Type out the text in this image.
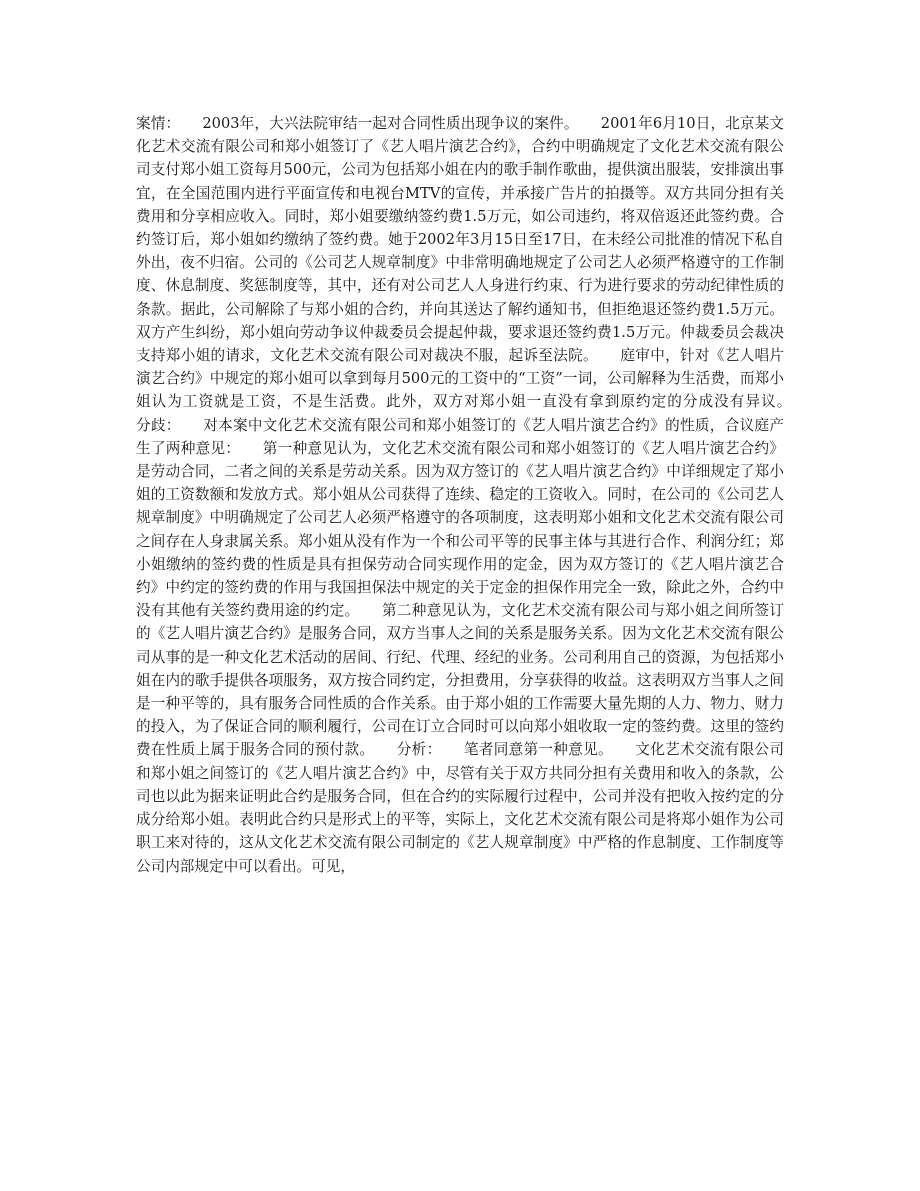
案情：　　2003年，大兴法院审结一起对合同性质出现争议的案件。　　2001年6月10日，北京某文化艺术交流有限公司和郑小姐签订了《艺人唱片演艺合约》，合约中明确规定了文化艺术交流有限公司支付郑小姐工资每月500元，公司为包括郑小姐在内的歌手制作歌曲，提供演出服装，安排演出事宜，在全国范围内进行平面宣传和电视台MTV的宣传，并承接广告片的拍摄等。双方共同分担有关费用和分享相应收入。同时，郑小姐要缴纳签约费1.5万元，如公司违约，将双倍返还此签约费。合约签订后，郑小姐如约缴纳了签约费。她于2002年3月15日至17日，在未经公司批准的情况下私自外出，夜不归宿。公司的《公司艺人规章制度》中非常明确地规定了公司艺人必须严格遵守的工作制度、休息制度、奖惩制度等，其中，还有对公司艺人人身进行约束、行为进行要求的劳动纪律性质的条款。据此，公司解除了与郑小姐的合约，并向其送达了解约通知书，但拒绝退还签约费1.5万元。双方产生纠纷，郑小姐向劳动争议仲裁委员会提起仲裁，要求退还签约费1.5万元。仲裁委员会裁决支持郑小姐的请求，文化艺术交流有限公司对裁决不服，起诉至法院。　　庭审中，针对《艺人唱片演艺合约》中规定的郑小姐可以拿到每月500元的工资中的“工资”一词，公司解释为生活费，而郑小姐认为工资就是工资，不是生活费。此外，双方对郑小姐一直没有拿到原约定的分成没有异议。　　分歧：　　对本案中文化艺术交流有限公司和郑小姐签订的《艺人唱片演艺合约》的性质，合议庭产生了两种意见：　　第一种意见认为，文化艺术交流有限公司和郑小姐签订的《艺人唱片演艺合约》是劳动合同，二者之间的关系是劳动关系。因为双方签订的《艺人唱片演艺合约》中详细规定了郑小姐的工资数额和发放方式。郑小姐从公司获得了连续、稳定的工资收入。同时，在公司的《公司艺人规章制度》中明确规定了公司艺人必须严格遵守的各项制度，这表明郑小姐和文化艺术交流有限公司之间存在人身隶属关系。郑小姐从没有作为一个和公司平等的民事主体与其进行合作、利润分红；郑小姐缴纳的签约费的性质是具有担保劳动合同实现作用的定金，因为双方签订的《艺人唱片演艺合约》中约定的签约费的作用与我国担保法中规定的关于定金的担保作用完全一致，除此之外，合约中没有其他有关签约费用途的约定。　　第二种意见认为，文化艺术交流有限公司与郑小姐之间所签订的《艺人唱片演艺合约》是服务合同，双方当事人之间的关系是服务关系。因为文化艺术交流有限公司从事的是一种文化艺术活动的居间、行纪、代理、经纪的业务。公司利用自己的资源，为包括郑小姐在内的歌手提供各项服务，双方按合同约定，分担费用，分享获得的收益。这表明双方当事人之间是一种平等的，具有服务合同性质的合作关系。由于郑小姐的工作需要大量先期的人力、物力、财力的投入，为了保证合同的顺利履行，公司在订立合同时可以向郑小姐收取一定的签约费。这里的签约费在性质上属于服务合同的预付款。　　分析：　　笔者同意第一种意见。　　文化艺术交流有限公司和郑小姐之间签订的《艺人唱片演艺合约》中，尽管有关于双方共同分担有关费用和收入的条款，公司也以此为据来证明此合约是服务合同，但在合约的实际履行过程中，公司并没有把收入按约定的分成分给郑小姐。表明此合约只是形式上的平等，实际上，文化艺术交流有限公司是将郑小姐作为公司职工来对待的，这从文化艺术交流有限公司制定的《艺人规章制度》中严格的作息制度、工作制度等公司内部规定中可以看出。可见，
